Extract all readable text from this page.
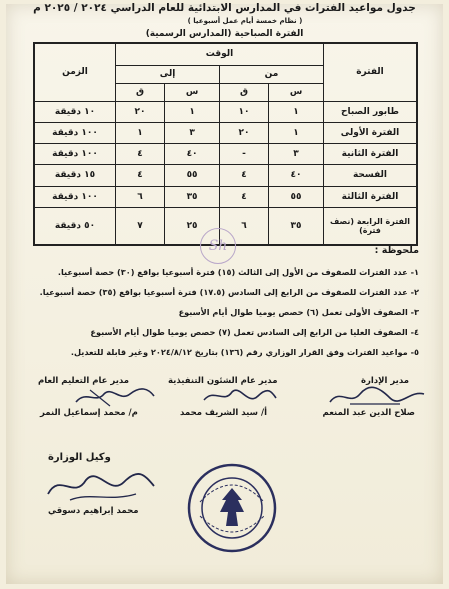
جدول مواعيد الفترات في المدارس الابتدائية للعام الدراسي ٢٠٢٤ / ٢٠٢٥ م
( نظام خمسة أيام عمل أسبوعيا )
الفترة الصباحية (المدارس الرسمية)
الفترة	الوقت				الزمن
	من		إلى		
	س	ق	س	ق	
طابور الصباح	١	١٠	١	٢٠	١٠ دقيقة
الفترة الأولى	١	٢٠	٣	١	١٠٠ دقيقة
الفترة الثانية	٣	-	٤٠	٤	١٠٠ دقيقة
الفسحة	٤٠	٤	٥٥	٤	١٥ دقيقة
الفترة الثالثة	٥٥	٤	٣٥	٦	١٠٠ دقيقة
الفترة الرابعة (نصف فترة)	٣٥	٦	٢٥	٧	٥٠ دقيقة
Sh	ملحوظة :
١- عدد الفترات للصفوف من الأول إلى الثالث (١٥) فترة أسبوعيا بواقع (٣٠) حصة أسبوعيا.
٢- عدد الفترات للصفوف من الرابع إلى السادس (١٧.٥) فترة أسبوعيا بواقع (٣٥) حصة أسبوعيا.
٣- الصفوف الأولى تعمل (٦) حصص يوميا طوال أيام الأسبوع
٤- الصفوف العليا من الرابع إلى السادس تعمل (٧) حصص يوميا طوال أيام الأسبوع
٥- مواعيد الفترات وفق القرار الوزاري رقم (١٣٦) بتاريخ ٢٠٢٤/٨/١٢ وغير قابلة للتعديل.
مدير الإدارة
مدير عام الشئون التنفيذية
مدير عام التعليم العام
صلاح الدين عبد المنعم
أ/ سيد الشريف محمد
م/ محمد إسماعيل النمر
وكيل الوزارة
محمد إبراهيم دسوقي
